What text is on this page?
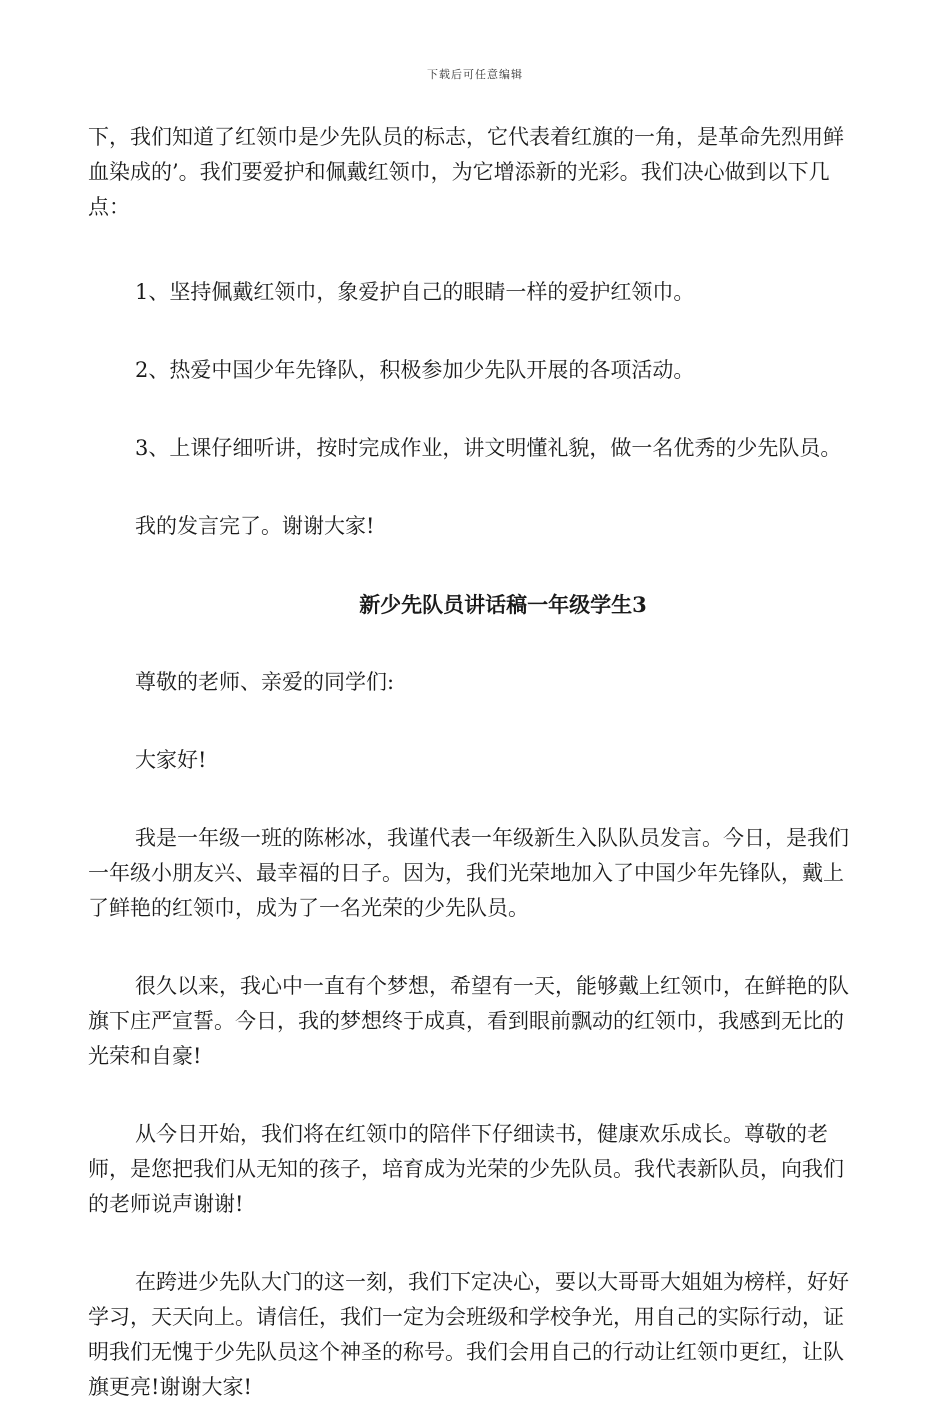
下载后可任意编辑

下，我们知道了红领巾是少先队员的标志，它代表着红旗的一角，是革命先烈用鲜血染成的’。我们要爱护和佩戴红领巾，为它增添新的光彩。我们决心做到以下几点：

1、坚持佩戴红领巾，象爱护自己的眼睛一样的爱护红领巾。

2、热爱中国少年先锋队，积极参加少先队开展的各项活动。

3、上课仔细听讲，按时完成作业，讲文明懂礼貌，做一名优秀的少先队员。

我的发言完了。谢谢大家!

新少先队员讲话稿一年级学生3

尊敬的老师、亲爱的同学们:

大家好!

我是一年级一班的陈彬冰，我谨代表一年级新生入队队员发言。今日，是我们一年级小朋友兴、最幸福的日子。因为，我们光荣地加入了中国少年先锋队，戴上了鲜艳的红领巾，成为了一名光荣的少先队员。

很久以来，我心中一直有个梦想，希望有一天，能够戴上红领巾，在鲜艳的队旗下庄严宣誓。今日，我的梦想终于成真，看到眼前飘动的红领巾，我感到无比的光荣和自豪!

从今日开始，我们将在红领巾的陪伴下仔细读书，健康欢乐成长。尊敬的老师，是您把我们从无知的孩子，培育成为光荣的少先队员。我代表新队员，向我们的老师说声谢谢!

在跨进少先队大门的这一刻，我们下定决心，要以大哥哥大姐姐为榜样，好好学习，天天向上。请信任，我们一定为会班级和学校争光，用自己的实际行动，证明我们无愧于少先队员这个神圣的称号。我们会用自己的行动让红领巾更红，让队旗更亮!谢谢大家!
